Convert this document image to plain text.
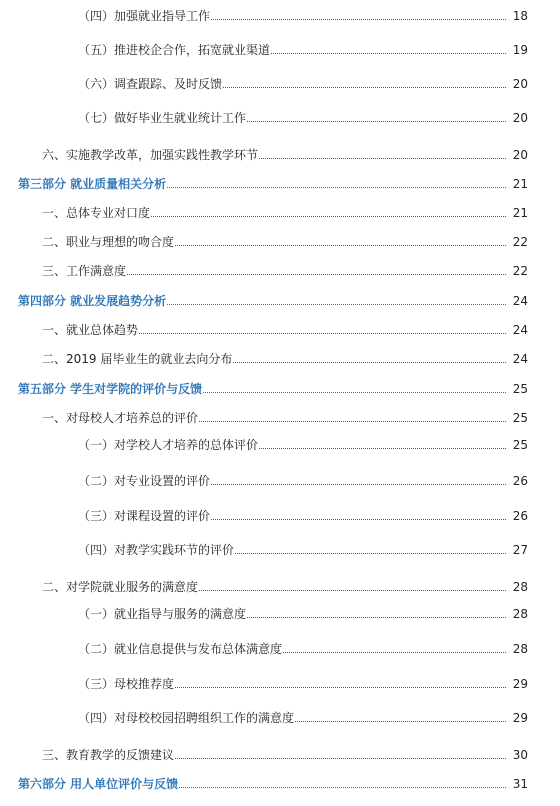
（四）加强就业指导工作	18
（五）推进校企合作，拓宽就业渠道	19
（六）调查跟踪、及时反馈	20
（七）做好毕业生就业统计工作	20
六、实施教学改革，加强实践性教学环节	20
第三部分 就业质量相关分析	21
一、总体专业对口度	21
二、职业与理想的吻合度	22
三、工作满意度	22
第四部分 就业发展趋势分析	24
一、就业总体趋势	24
二、2019 届毕业生的就业去向分布	24
第五部分 学生对学院的评价与反馈	25
一、对母校人才培养总的评价	25
（一）对学校人才培养的总体评价	25
（二）对专业设置的评价	26
（三）对课程设置的评价	26
（四）对教学实践环节的评价	27
二、对学院就业服务的满意度	28
（一）就业指导与服务的满意度	28
（二）就业信息提供与发布总体满意度	28
（三）母校推荐度	29
（四）对母校校园招聘组织工作的满意度	29
三、教育教学的反馈建议	30
第六部分 用人单位评价与反馈	31
